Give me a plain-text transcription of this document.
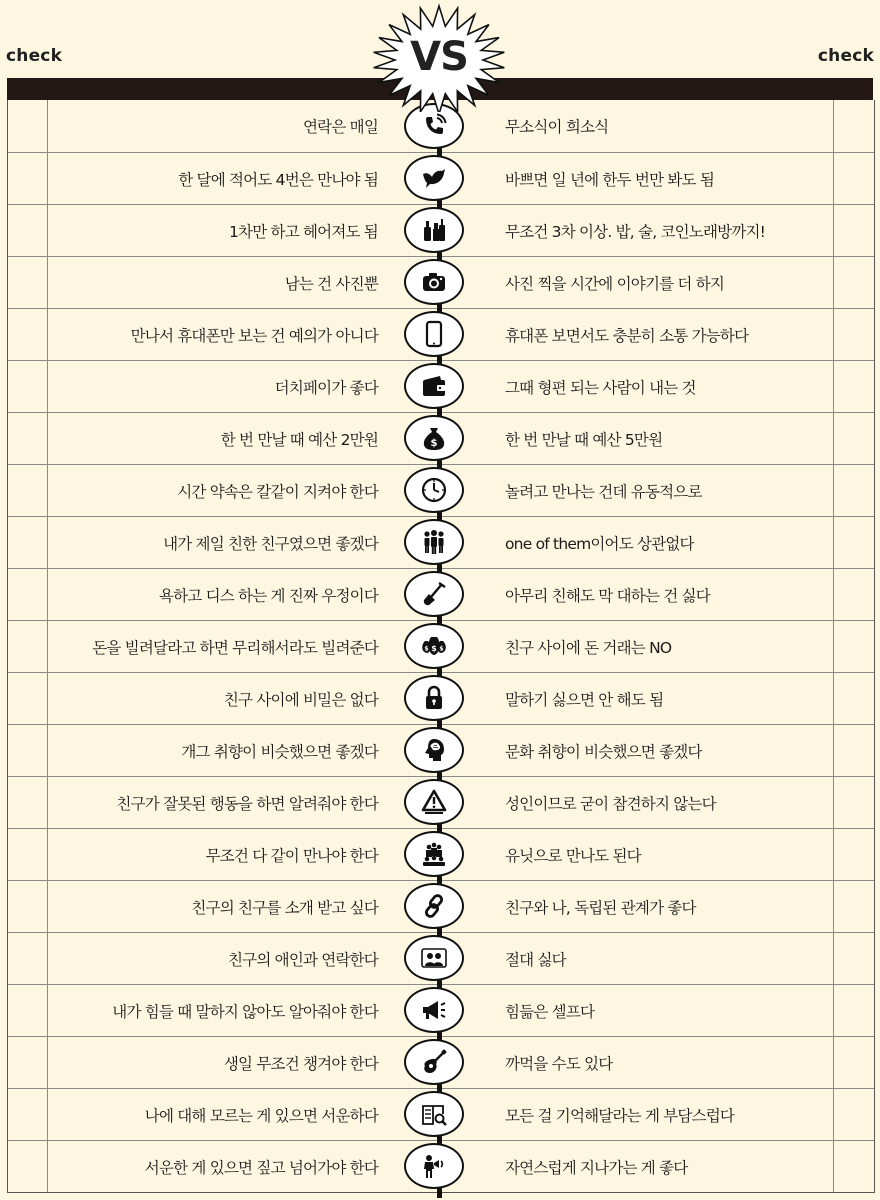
check	check
연락은 매일	무소식이 희소식
한 달에 적어도 4번은 만나야 됨	바쁘면 일 년에 한두 번만 봐도 됨
1차만 하고 헤어져도 됨	무조건 3차 이상. 밥, 술, 코인노래방까지!
남는 건 사진뿐	사진 찍을 시간에 이야기를 더 하지
만나서 휴대폰만 보는 건 예의가 아니다	휴대폰 보면서도 충분히 소통 가능하다
더치페이가 좋다	그때 형편 되는 사람이 내는 것
한 번 만날 때 예산 2만원	한 번 만날 때 예산 5만원
시간 약속은 칼같이 지켜야 한다	놀려고 만나는 건데 유동적으로
내가 제일 친한 친구였으면 좋겠다	one of them이어도 상관없다
욕하고 디스 하는 게 진짜 우정이다	아무리 친해도 막 대하는 건 싫다
돈을 빌려달라고 하면 무리해서라도 빌려준다	친구 사이에 돈 거래는 NO
친구 사이에 비밀은 없다	말하기 싫으면 안 해도 됨
개그 취향이 비슷했으면 좋겠다	문화 취향이 비슷했으면 좋겠다
친구가 잘못된 행동을 하면 알려줘야 한다	성인이므로 굳이 참견하지 않는다
무조건 다 같이 만나야 한다	유닛으로 만나도 된다
친구의 친구를 소개 받고 싶다	친구와 나, 독립된 관계가 좋다
친구의 애인과 연락한다	절대 싫다
내가 힘들 때 말하지 않아도 알아줘야 한다	힘듦은 셀프다
생일 무조건 챙겨야 한다	까먹을 수도 있다
나에 대해 모르는 게 있으면 서운하다	모든 걸 기억해달라는 게 부담스럽다
서운한 게 있으면 짚고 넘어가야 한다	자연스럽게 지나가는 게 좋다
$
$
$ $
VS
